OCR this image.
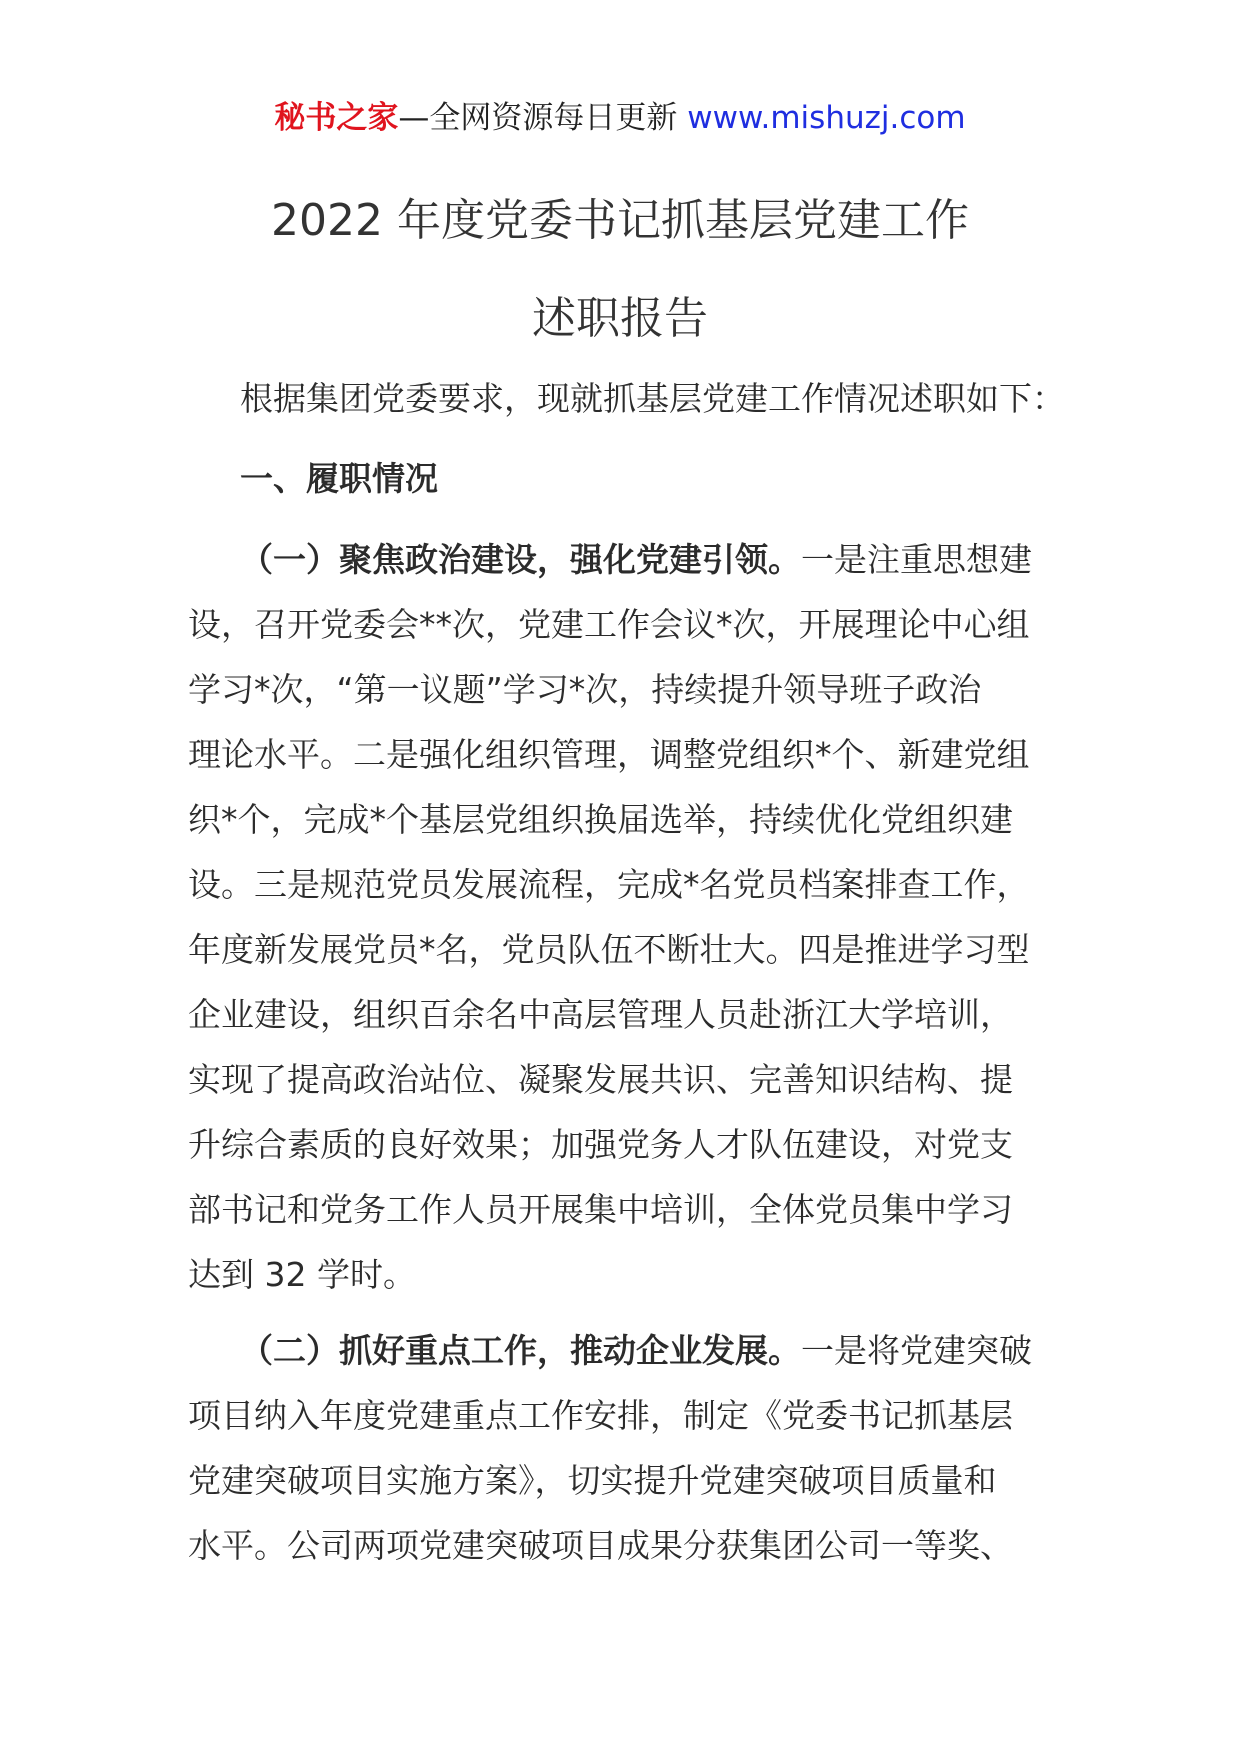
秘书之家—全网资源每日更新 www.mishuzj.com
2022 年度党委书记抓基层党建工作
述职报告
根据集团党委要求，现就抓基层党建工作情况述职如下：
一、履职情况
（一）聚焦政治建设，强化党建引领。一是注重思想建
设，召开党委会**次，党建工作会议*次，开展理论中心组
学习*次，“第一议题”学习*次，持续提升领导班子政治
理论水平。二是强化组织管理，调整党组织*个、新建党组
织*个，完成*个基层党组织换届选举，持续优化党组织建
设。三是规范党员发展流程，完成*名党员档案排查工作，
年度新发展党员*名，党员队伍不断壮大。四是推进学习型
企业建设，组织百余名中高层管理人员赴浙江大学培训，
实现了提高政治站位、凝聚发展共识、完善知识结构、提
升综合素质的良好效果；加强党务人才队伍建设，对党支
部书记和党务工作人员开展集中培训，全体党员集中学习
达到 32 学时。
（二）抓好重点工作，推动企业发展。一是将党建突破
项目纳入年度党建重点工作安排，制定《党委书记抓基层
党建突破项目实施方案》，切实提升党建突破项目质量和
水平。公司两项党建突破项目成果分获集团公司一等奖、
